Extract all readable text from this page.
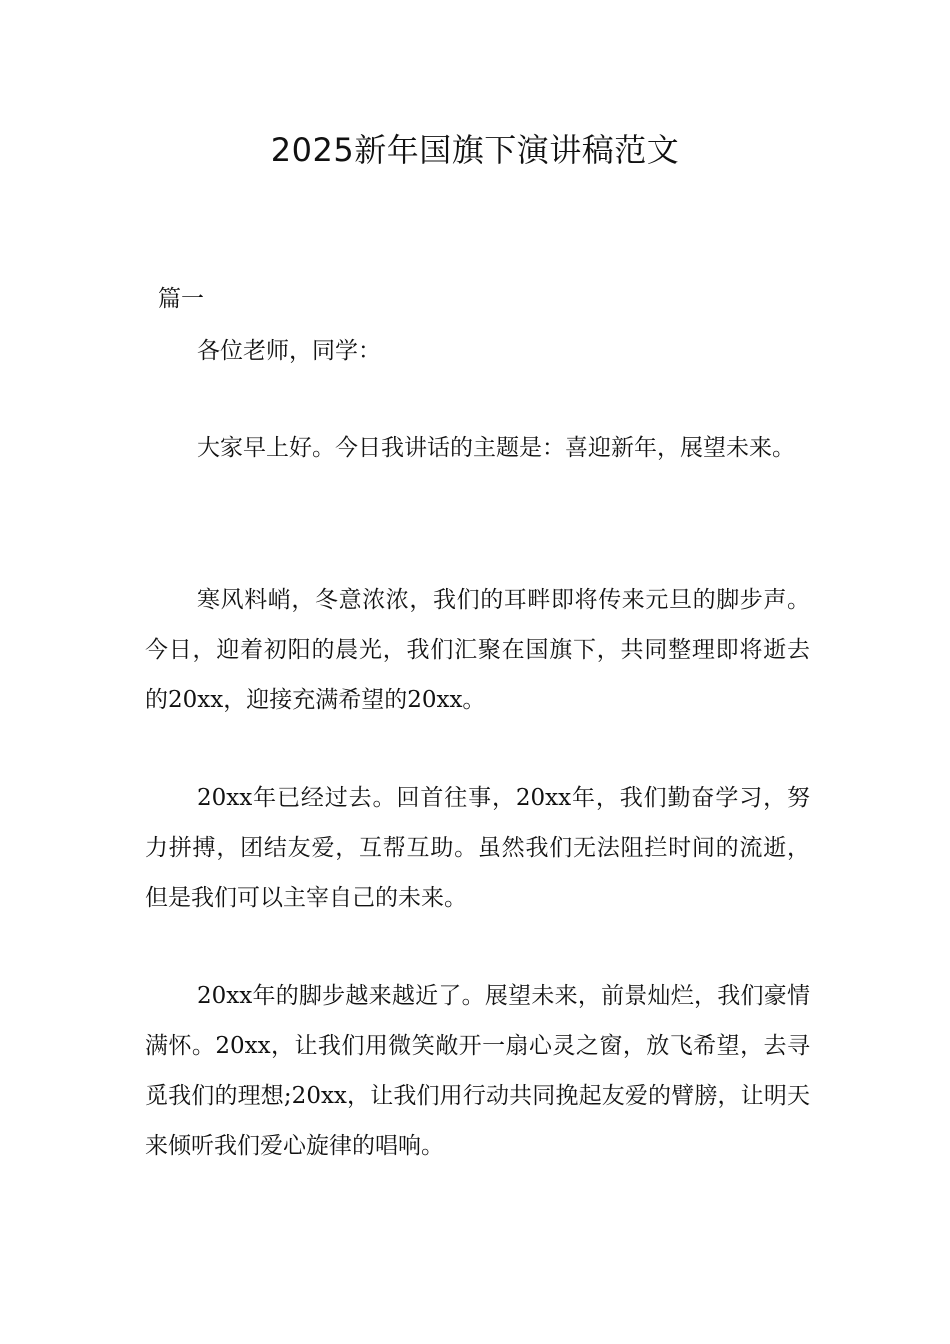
2025新年国旗下演讲稿范文

篇一

各位老师，同学：

大家早上好。今日我讲话的主题是：喜迎新年，展望未来。

寒风料峭，冬意浓浓，我们的耳畔即将传来元旦的脚步声。今日，迎着初阳的晨光，我们汇聚在国旗下，共同整理即将逝去的20xx，迎接充满希望的20xx。

20xx年已经过去。回首往事，20xx年，我们勤奋学习，努力拼搏，团结友爱，互帮互助。虽然我们无法阻拦时间的流逝，但是我们可以主宰自己的未来。

20xx年的脚步越来越近了。展望未来，前景灿烂，我们豪情满怀。20xx，让我们用微笑敞开一扇心灵之窗，放飞希望，去寻觅我们的理想;20xx，让我们用行动共同挽起友爱的臂膀，让明天来倾听我们爱心旋律的唱响。
